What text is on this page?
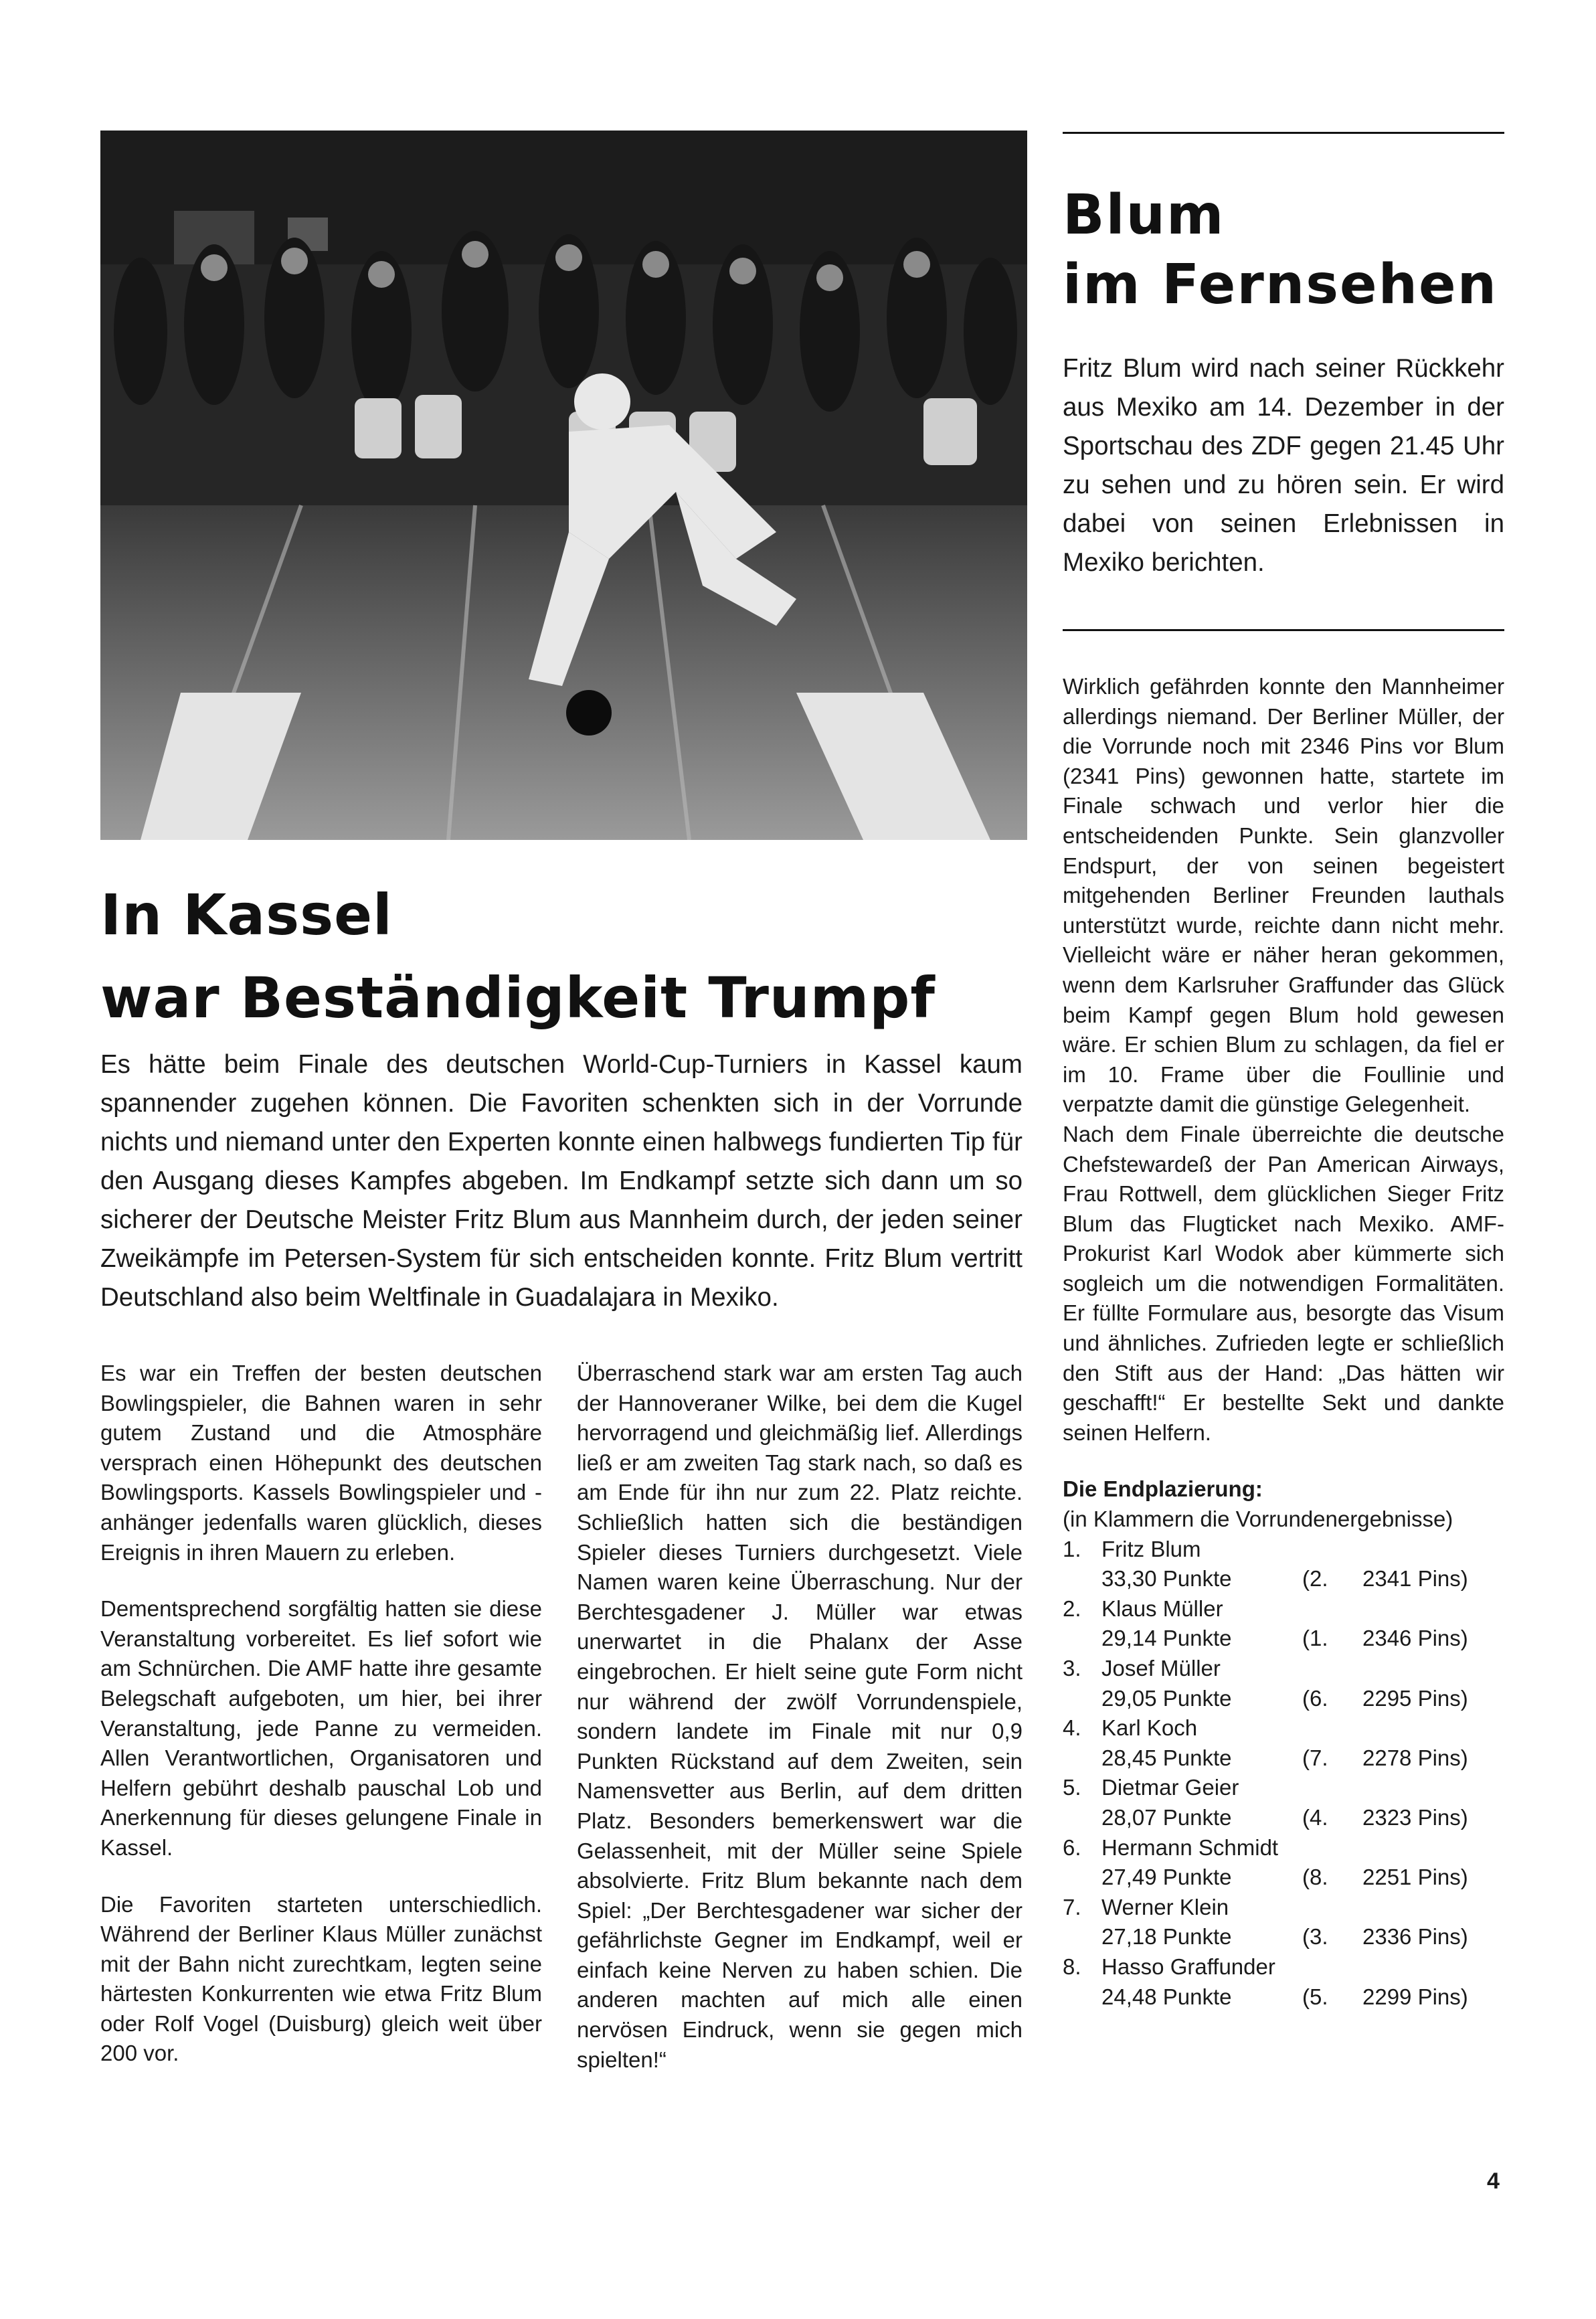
Blum
im Fernsehen
Fritz Blum wird nach seiner Rückkehr aus Mexiko am 14. Dezember in der Sportschau des ZDF gegen 21.45 Uhr zu sehen und zu hören sein. Er wird dabei von seinen Erlebnissen in Mexiko berichten.
In Kassel
war Beständigkeit Trumpf
Es hätte beim Finale des deutschen World-Cup-Turniers in Kassel kaum spannender zugehen können. Die Favoriten schenkten sich in der Vorrunde nichts und niemand unter den Experten konnte einen halbwegs fundierten Tip für den Ausgang dieses Kampfes abgeben. Im Endkampf setzte sich dann um so sicherer der Deutsche Meister Fritz Blum aus Mannheim durch, der jeden seiner Zweikämpfe im Petersen-System für sich entscheiden konnte. Fritz Blum vertritt Deutschland also beim Weltfinale in Guadalajara in Mexiko.

Es war ein Treffen der besten deutschen Bowlingspieler, die Bahnen waren in sehr gutem Zustand und die Atmosphäre versprach einen Höhepunkt des deutschen Bowlingsports. Kassels Bowlingspieler und -anhänger jedenfalls waren glücklich, dieses Ereignis in ihren Mauern zu erleben.

Dementsprechend sorgfältig hatten sie diese Veranstaltung vorbereitet. Es lief sofort wie am Schnürchen. Die AMF hatte ihre gesamte Belegschaft aufgeboten, um hier, bei ihrer Veranstaltung, jede Panne zu vermeiden. Allen Verantwortlichen, Organisatoren und Helfern gebührt deshalb pauschal Lob und Anerkennung für dieses gelungene Finale in Kassel.

Die Favoriten starteten unterschiedlich. Während der Berliner Klaus Müller zunächst mit der Bahn nicht zurechtkam, legten seine härtesten Konkurrenten wie etwa Fritz Blum oder Rolf Vogel (Duisburg) gleich weit über 200 vor.

Überraschend stark war am ersten Tag auch der Hannoveraner Wilke, bei dem die Kugel hervorragend und gleichmäßig lief. Allerdings ließ er am zweiten Tag stark nach, so daß es am Ende für ihn nur zum 22. Platz reichte. Schließlich hatten sich die beständigen Spieler dieses Turniers durchgesetzt. Viele Namen waren keine Überraschung. Nur der Berchtesgadener J. Müller war etwas unerwartet in die Phalanx der Asse eingebrochen. Er hielt seine gute Form nicht nur während der zwölf Vorrundenspiele, sondern landete im Finale mit nur 0,9 Punkten Rückstand auf dem Zweiten, sein Namensvetter aus Berlin, auf dem dritten Platz. Besonders bemerkenswert war die Gelassenheit, mit der Müller seine Spiele absolvierte. Fritz Blum bekannte nach dem Spiel: „Der Berchtesgadener war sicher der gefährlichste Gegner im Endkampf, weil er einfach keine Nerven zu haben schien. Die anderen machten auf mich alle einen nervösen Eindruck, wenn sie gegen mich spielten!“

Wirklich gefährden konnte den Mannheimer allerdings niemand. Der Berliner Müller, der die Vorrunde noch mit 2346 Pins vor Blum (2341 Pins) gewonnen hatte, startete im Finale schwach und verlor hier die entscheidenden Punkte. Sein glanzvoller Endspurt, der von seinen begeistert mitgehenden Berliner Freunden lauthals unterstützt wurde, reichte dann nicht mehr. Vielleicht wäre er näher heran gekommen, wenn dem Karlsruher Graffunder das Glück beim Kampf gegen Blum hold gewesen wäre. Er schien Blum zu schlagen, da fiel er im 10. Frame über die Foullinie und verpatzte damit die günstige Gelegenheit.

Nach dem Finale überreichte die deutsche Chefstewardeß der Pan American Airways, Frau Rottwell, dem glücklichen Sieger Fritz Blum das Flugticket nach Mexiko. AMF-Prokurist Karl Wodok aber kümmerte sich sogleich um die notwendigen Formalitäten. Er füllte Formulare aus, besorgte das Visum und ähnliches. Zufrieden legte er schließlich den Stift aus der Hand: „Das hätten wir geschafft!“ Er bestellte Sekt und dankte seinen Helfern.

Die Endplazierung:
(in Klammern die Vorrundenergebnisse)
1. Fritz Blum
33,30 Punkte	(2.	2341 Pins)
2. Klaus Müller
29,14 Punkte	(1.	2346 Pins)
3. Josef Müller
29,05 Punkte	(6.	2295 Pins)
4. Karl Koch
28,45 Punkte	(7.	2278 Pins)
5. Dietmar Geier
28,07 Punkte	(4.	2323 Pins)
6. Hermann Schmidt
27,49 Punkte	(8.	2251 Pins)
7. Werner Klein
27,18 Punkte	(3.	2336 Pins)
8. Hasso Graffunder
24,48 Punkte	(5.	2299 Pins)
4
